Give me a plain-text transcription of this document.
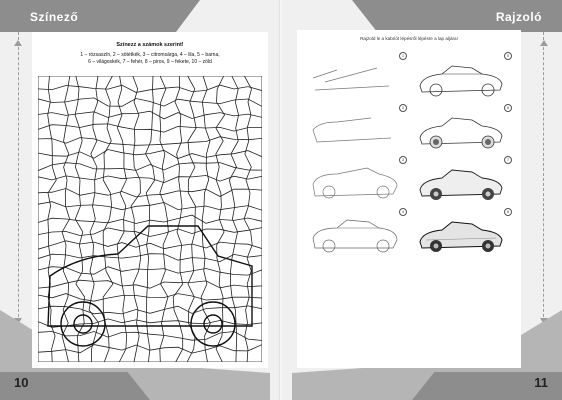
Színező
10
Színezz a számok szerint!
1 – rózsaszín, 2 – sötétkék, 3 – citromsárga, 4 – lila, 5 – barna,
6 – világoskék, 7 – fehér, 8 – piros, 9 – fekete, 10 – zöld
Rajzoló
11
Rajzold le a kabriót lépésről lépésre a lap aljára!
1	5
2	6
3	7
4	8
